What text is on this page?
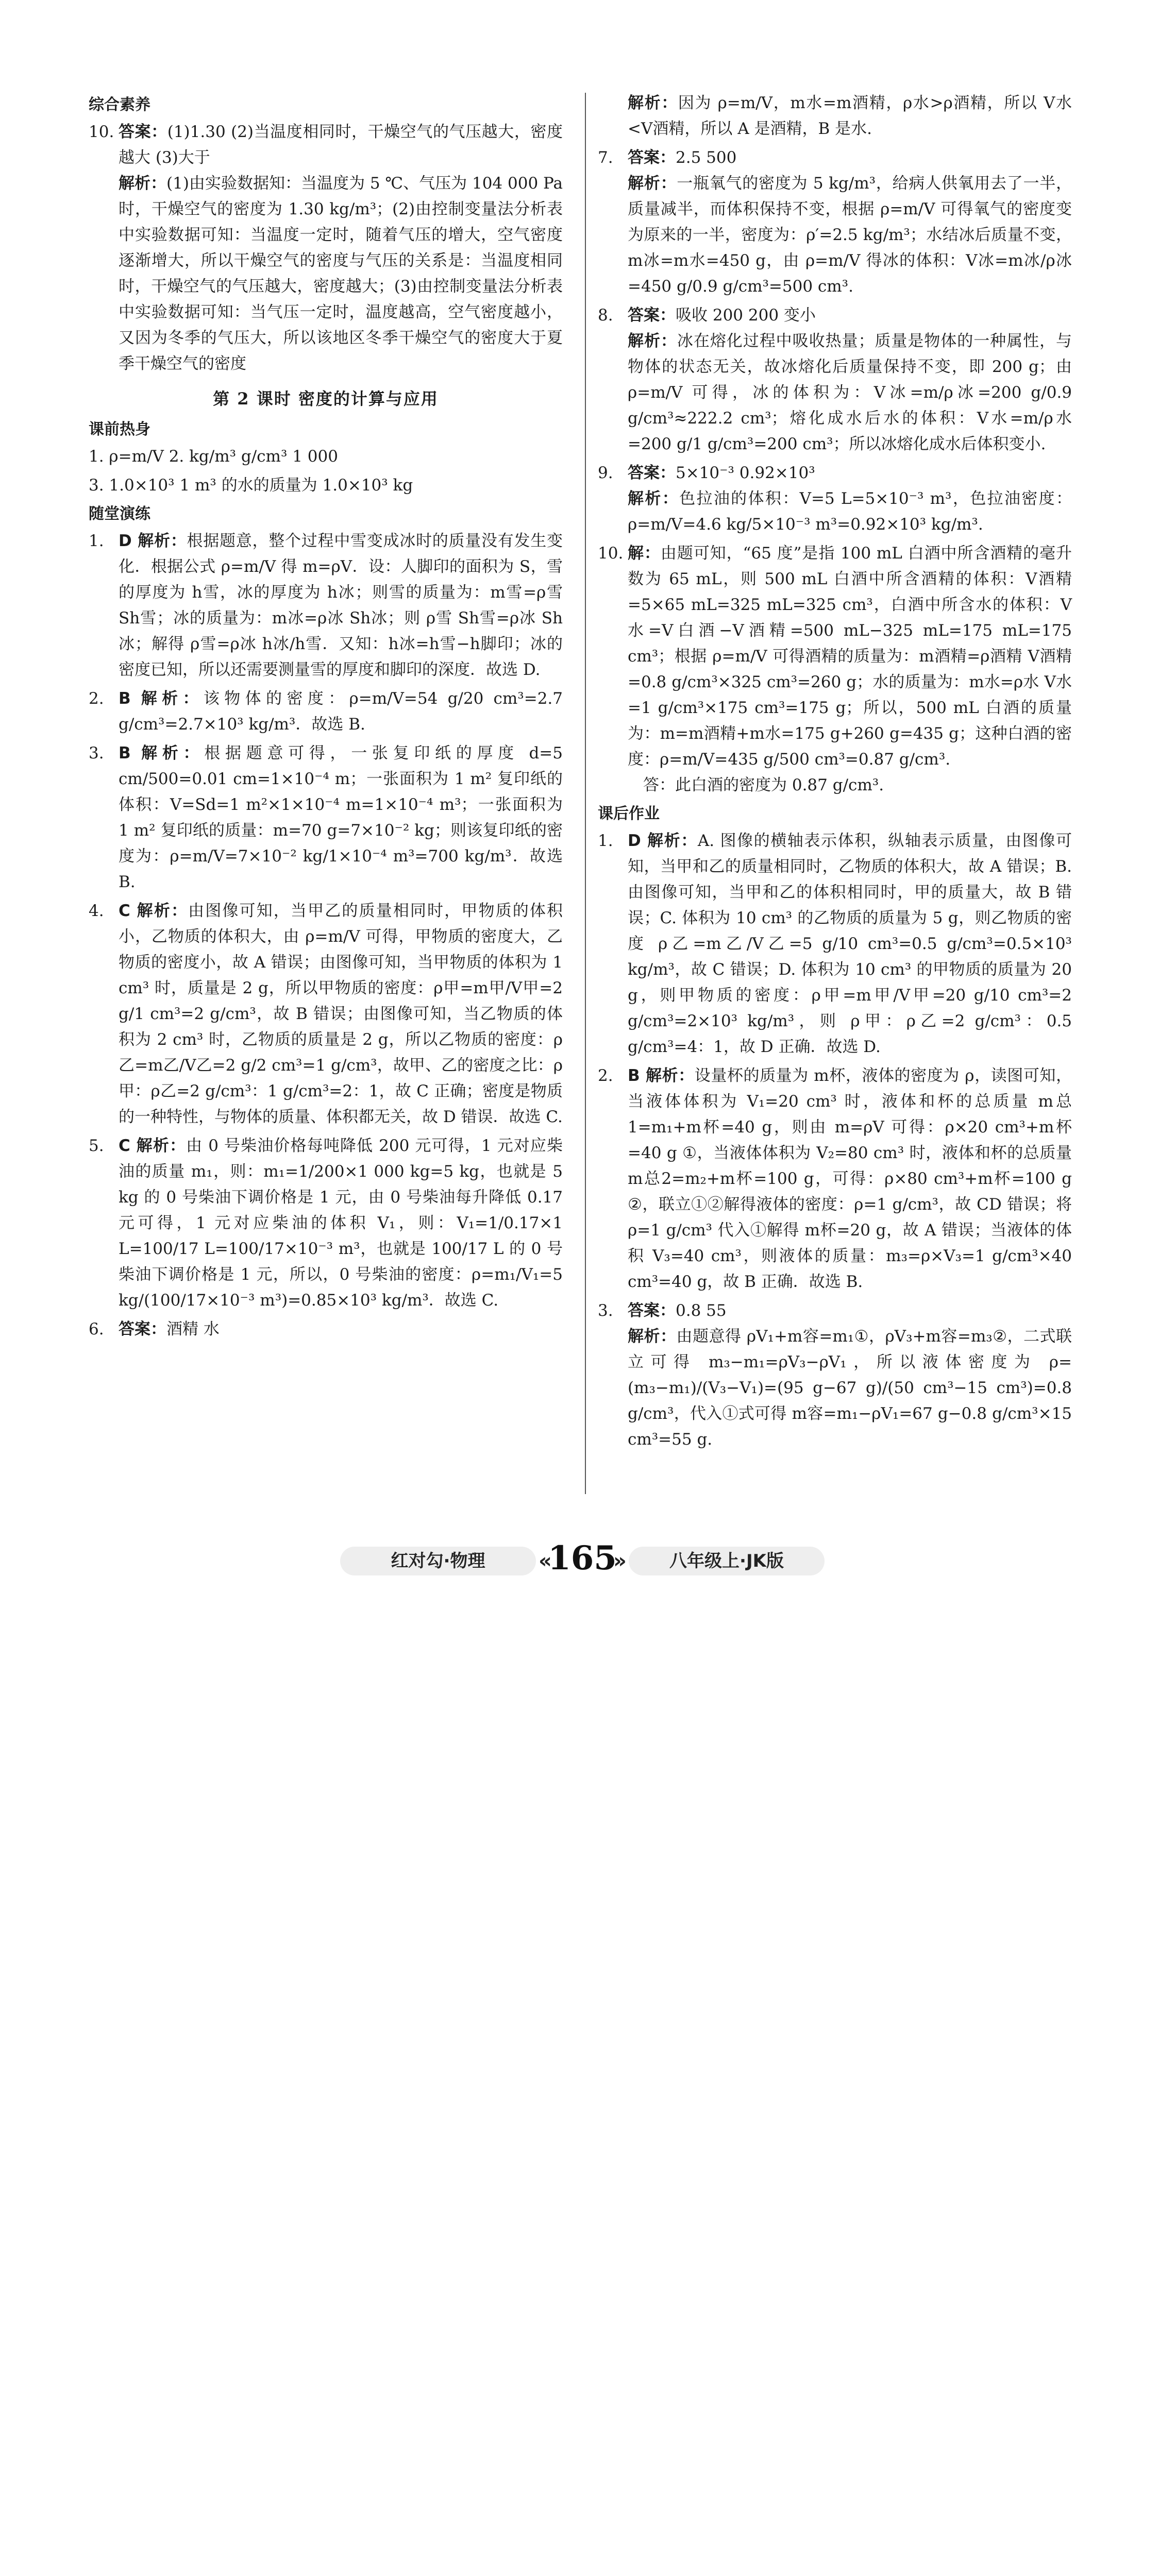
综合素养
10. 答案：(1)1.30 (2)当温度相同时，干燥空气的气压越大，密度越大 (3)大于
解析：(1)由实验数据知：当温度为 5 ℃、气压为 104 000 Pa 时，干燥空气的密度为 1.30 kg/m³；(2)由控制变量法分析表中实验数据可知：当温度一定时，随着气压的增大，空气密度逐渐增大，所以干燥空气的密度与气压的关系是：当温度相同时，干燥空气的气压越大，密度越大；(3)由控制变量法分析表中实验数据可知：当气压一定时，温度越高，空气密度越小，又因为冬季的气压大，所以该地区冬季干燥空气的密度大于夏季干燥空气的密度
第 2 课时 密度的计算与应用
课前热身
1. ρ=m/V 2. kg/m³ g/cm³ 1 000
3. 1.0×10³ 1 m³ 的水的质量为 1.0×10³ kg
随堂演练
1. D 解析：根据题意，整个过程中雪变成冰时的质量没有发生变化．根据公式 ρ=m/V 得 m=ρV．设：人脚印的面积为 S，雪的厚度为 h雪，冰的厚度为 h冰；则雪的质量为：m雪=ρ雪 Sh雪；冰的质量为：m冰=ρ冰 Sh冰；则 ρ雪 Sh雪=ρ冰 Sh冰；解得 ρ雪=ρ冰 h冰/h雪．又知：h冰=h雪−h脚印；冰的密度已知，所以还需要测量雪的厚度和脚印的深度．故选 D.
2. B 解析：该物体的密度：ρ=m/V=54 g/20 cm³=2.7 g/cm³=2.7×10³ kg/m³．故选 B.
3. B 解析：根据题意可得，一张复印纸的厚度 d=5 cm/500=0.01 cm=1×10⁻⁴ m；一张面积为 1 m² 复印纸的体积：V=Sd=1 m²×1×10⁻⁴ m=1×10⁻⁴ m³；一张面积为 1 m² 复印纸的质量：m=70 g=7×10⁻² kg；则该复印纸的密度为：ρ=m/V=7×10⁻² kg/1×10⁻⁴ m³=700 kg/m³．故选 B.
4. C 解析：由图像可知，当甲乙的质量相同时，甲物质的体积小，乙物质的体积大，由 ρ=m/V 可得，甲物质的密度大，乙物质的密度小，故 A 错误；由图像可知，当甲物质的体积为 1 cm³ 时，质量是 2 g，所以甲物质的密度：ρ甲=m甲/V甲=2 g/1 cm³=2 g/cm³，故 B 错误；由图像可知，当乙物质的体积为 2 cm³ 时，乙物质的质量是 2 g，所以乙物质的密度：ρ乙=m乙/V乙=2 g/2 cm³=1 g/cm³，故甲、乙的密度之比：ρ甲：ρ乙=2 g/cm³：1 g/cm³=2：1，故 C 正确；密度是物质的一种特性，与物体的质量、体积都无关，故 D 错误．故选 C.
5. C 解析：由 0 号柴油价格每吨降低 200 元可得，1 元对应柴油的质量 m₁，则：m₁=1/200×1 000 kg=5 kg，也就是 5 kg 的 0 号柴油下调价格是 1 元，由 0 号柴油每升降低 0.17 元可得，1 元对应柴油的体积 V₁，则：V₁=1/0.17×1 L=100/17 L=100/17×10⁻³ m³，也就是 100/17 L 的 0 号柴油下调价格是 1 元，所以，0 号柴油的密度：ρ=m₁/V₁=5 kg/(100/17×10⁻³ m³)=0.85×10³ kg/m³．故选 C.
6. 答案：酒精 水
解析：因为 ρ=m/V，m水=m酒精，ρ水>ρ酒精，所以 V水<V酒精，所以 A 是酒精，B 是水.
7. 答案：2.5 500
解析：一瓶氧气的密度为 5 kg/m³，给病人供氧用去了一半，质量减半，而体积保持不变，根据 ρ=m/V 可得氧气的密度变为原来的一半，密度为：ρ′=2.5 kg/m³；水结冰后质量不变，m冰=m水=450 g，由 ρ=m/V 得冰的体积：V冰=m冰/ρ冰=450 g/0.9 g/cm³=500 cm³.
8. 答案：吸收 200 200 变小
解析：冰在熔化过程中吸收热量；质量是物体的一种属性，与物体的状态无关，故冰熔化后质量保持不变，即 200 g；由 ρ=m/V 可得，冰的体积为：V冰=m/ρ冰=200 g/0.9 g/cm³≈222.2 cm³；熔化成水后水的体积：V水=m/ρ水=200 g/1 g/cm³=200 cm³；所以冰熔化成水后体积变小.
9. 答案：5×10⁻³ 0.92×10³
解析：色拉油的体积：V=5 L=5×10⁻³ m³，色拉油密度：ρ=m/V=4.6 kg/5×10⁻³ m³=0.92×10³ kg/m³.
10. 解：由题可知，“65 度”是指 100 mL 白酒中所含酒精的毫升数为 65 mL，则 500 mL 白酒中所含酒精的体积：V酒精=5×65 mL=325 mL=325 cm³，白酒中所含水的体积：V水=V白酒−V酒精=500 mL−325 mL=175 mL=175 cm³；根据 ρ=m/V 可得酒精的质量为：m酒精=ρ酒精 V酒精=0.8 g/cm³×325 cm³=260 g；水的质量为：m水=ρ水 V水=1 g/cm³×175 cm³=175 g；所以，500 mL 白酒的质量为：m=m酒精+m水=175 g+260 g=435 g；这种白酒的密度：ρ=m/V=435 g/500 cm³=0.87 g/cm³.
答：此白酒的密度为 0.87 g/cm³.
课后作业
1. D 解析：A. 图像的横轴表示体积，纵轴表示质量，由图像可知，当甲和乙的质量相同时，乙物质的体积大，故 A 错误；B. 由图像可知，当甲和乙的体积相同时，甲的质量大，故 B 错误；C. 体积为 10 cm³ 的乙物质的质量为 5 g，则乙物质的密度 ρ乙=m乙/V乙=5 g/10 cm³=0.5 g/cm³=0.5×10³ kg/m³，故 C 错误；D. 体积为 10 cm³ 的甲物质的质量为 20 g，则甲物质的密度：ρ甲=m甲/V甲=20 g/10 cm³=2 g/cm³=2×10³ kg/m³，则 ρ甲：ρ乙=2 g/cm³：0.5 g/cm³=4：1，故 D 正确．故选 D.
2. B 解析：设量杯的质量为 m杯，液体的密度为 ρ，读图可知，当液体体积为 V₁=20 cm³ 时，液体和杯的总质量 m总1=m₁+m杯=40 g，则由 m=ρV 可得：ρ×20 cm³+m杯=40 g ①，当液体体积为 V₂=80 cm³ 时，液体和杯的总质量 m总2=m₂+m杯=100 g，可得：ρ×80 cm³+m杯=100 g ②，联立①②解得液体的密度：ρ=1 g/cm³，故 CD 错误；将 ρ=1 g/cm³ 代入①解得 m杯=20 g，故 A 错误；当液体的体积 V₃=40 cm³，则液体的质量：m₃=ρ×V₃=1 g/cm³×40 cm³=40 g，故 B 正确．故选 B.
3. 答案：0.8 55
解析：由题意得 ρV₁+m容=m₁①，ρV₃+m容=m₃②，二式联立可得 m₃−m₁=ρV₃−ρV₁，所以液体密度为 ρ=(m₃−m₁)/(V₃−V₁)=(95 g−67 g)/(50 cm³−15 cm³)=0.8 g/cm³，代入①式可得 m容=m₁−ρV₁=67 g−0.8 g/cm³×15 cm³=55 g.
红对勾·物理	«
165
»	八年级上·JK版
